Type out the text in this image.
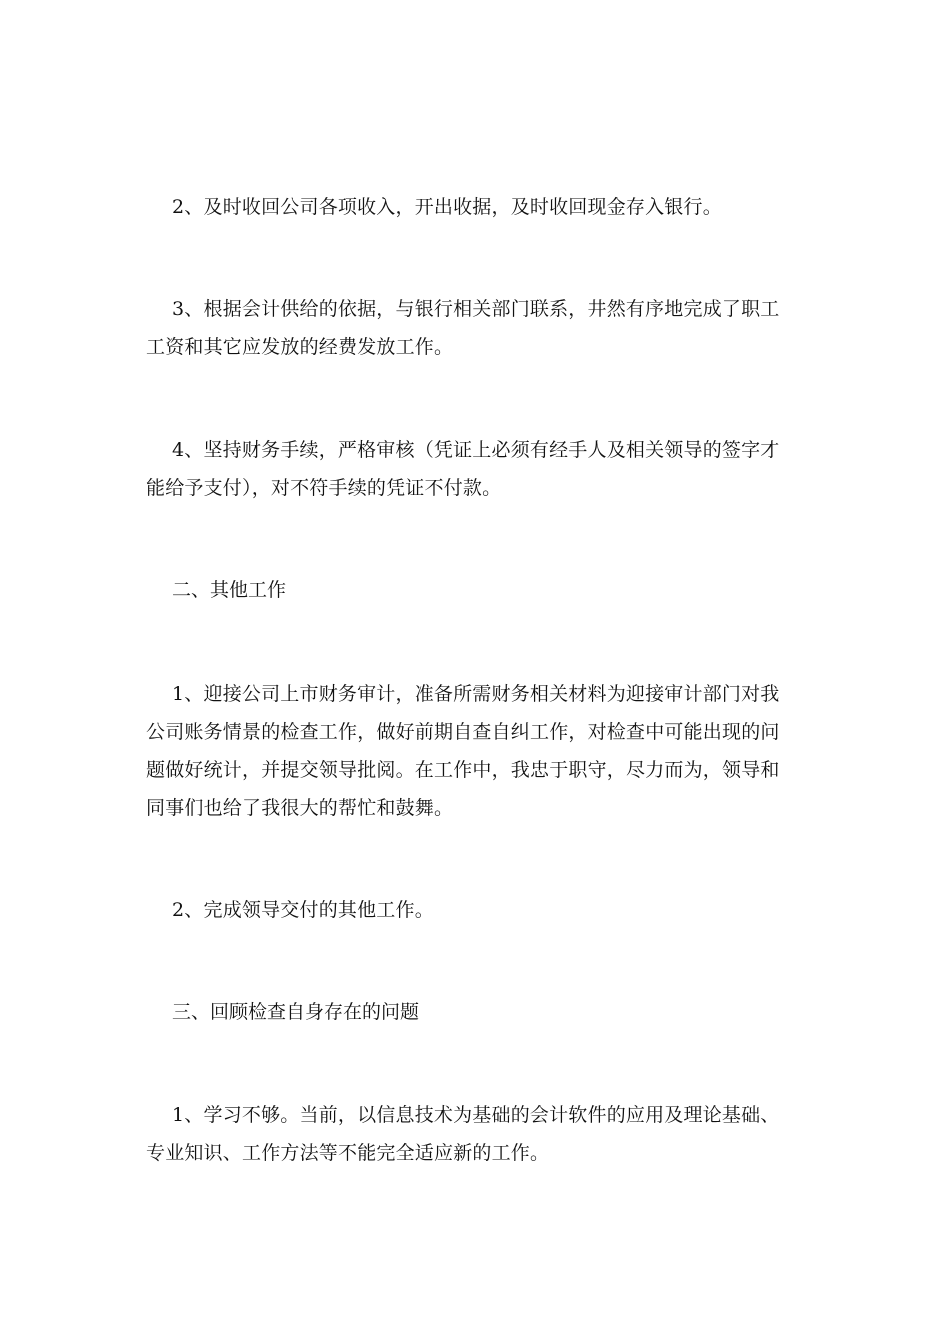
2、及时收回公司各项收入，开出收据，及时收回现金存入银行。

3、根据会计供给的依据，与银行相关部门联系，井然有序地完成了职工工资和其它应发放的经费发放工作。

4、坚持财务手续，严格审核（凭证上必须有经手人及相关领导的签字才能给予支付），对不符手续的凭证不付款。

二、其他工作

1、迎接公司上市财务审计，准备所需财务相关材料为迎接审计部门对我公司账务情景的检查工作，做好前期自查自纠工作，对检查中可能出现的问题做好统计，并提交领导批阅。在工作中，我忠于职守，尽力而为，领导和同事们也给了我很大的帮忙和鼓舞。

2、完成领导交付的其他工作。

三、回顾检查自身存在的问题

1、学习不够。当前，以信息技术为基础的会计软件的应用及理论基础、专业知识、工作方法等不能完全适应新的工作。
